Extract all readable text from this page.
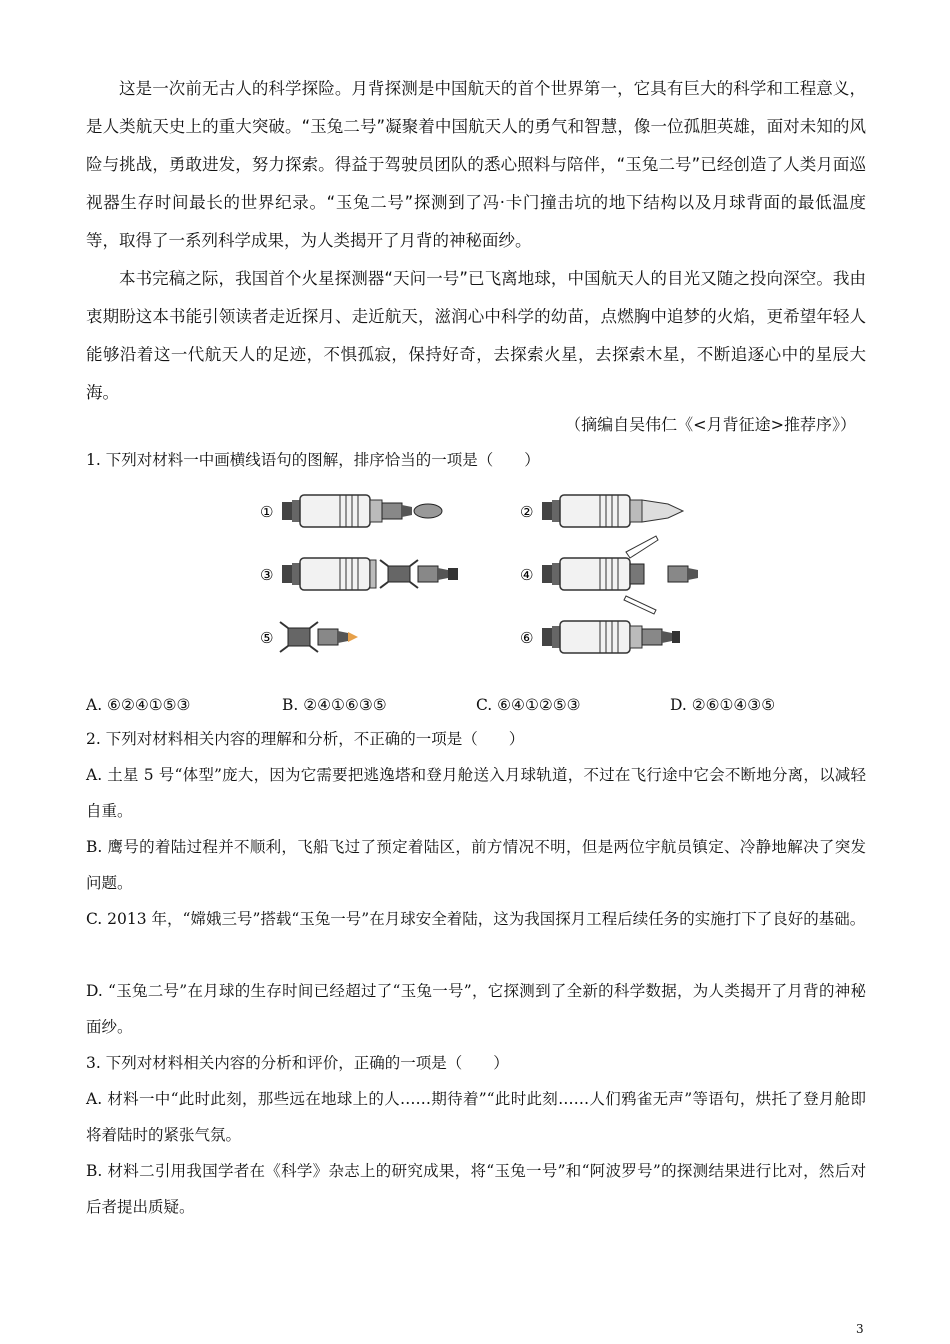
这是一次前无古人的科学探险。月背探测是中国航天的首个世界第一，它具有巨大的科学和工程意义，是人类航天史上的重大突破。“玉兔二号”凝聚着中国航天人的勇气和智慧，像一位孤胆英雄，面对未知的风险与挑战，勇敢进发，努力探索。得益于驾驶员团队的悉心照料与陪伴，“玉兔二号”已经创造了人类月面巡视器生存时间最长的世界纪录。“玉兔二号”探测到了冯·卡门撞击坑的地下结构以及月球背面的最低温度等，取得了一系列科学成果，为人类揭开了月背的神秘面纱。

本书完稿之际，我国首个火星探测器“天问一号”已飞离地球，中国航天人的目光又随之投向深空。我由衷期盼这本书能引领读者走近探月、走近航天，滋润心中科学的幼苗，点燃胸中追梦的火焰，更希望年轻人能够沿着这一代航天人的足迹，不惧孤寂，保持好奇，去探索火星，去探索木星，不断追逐心中的星辰大海。

（摘编自吴伟仁《<月背征途>推荐序》）
1. 下列对材料一中画横线语句的图解，排序恰当的一项是（　　）
①	②
③	④
⑤	⑥
A. ⑥②④①⑤③	B. ②④①⑥③⑤	C. ⑥④①②⑤③	D. ②⑥①④③⑤
2. 下列对材料相关内容的理解和分析，不正确的一项是（　　）
A. 土星 5 号“体型”庞大，因为它需要把逃逸塔和登月舱送入月球轨道，不过在飞行途中它会不断地分离，以减轻自重。
B. 鹰号的着陆过程并不顺利，飞船飞过了预定着陆区，前方情况不明，但是两位宇航员镇定、冷静地解决了突发问题。
C. 2013 年，“嫦娥三号”搭载“玉兔一号”在月球安全着陆，这为我国探月工程后续任务的实施打下了良好的基础。
D. “玉兔二号”在月球的生存时间已经超过了“玉兔一号”，它探测到了全新的科学数据，为人类揭开了月背的神秘面纱。
3. 下列对材料相关内容的分析和评价，正确的一项是（　　）
A. 材料一中“此时此刻，那些远在地球上的人……期待着”“此时此刻……人们鸦雀无声”等语句，烘托了登月舱即将着陆时的紧张气氛。
B. 材料二引用我国学者在《科学》杂志上的研究成果，将“玉兔一号”和“阿波罗号”的探测结果进行比对，然后对后者提出质疑。
3
